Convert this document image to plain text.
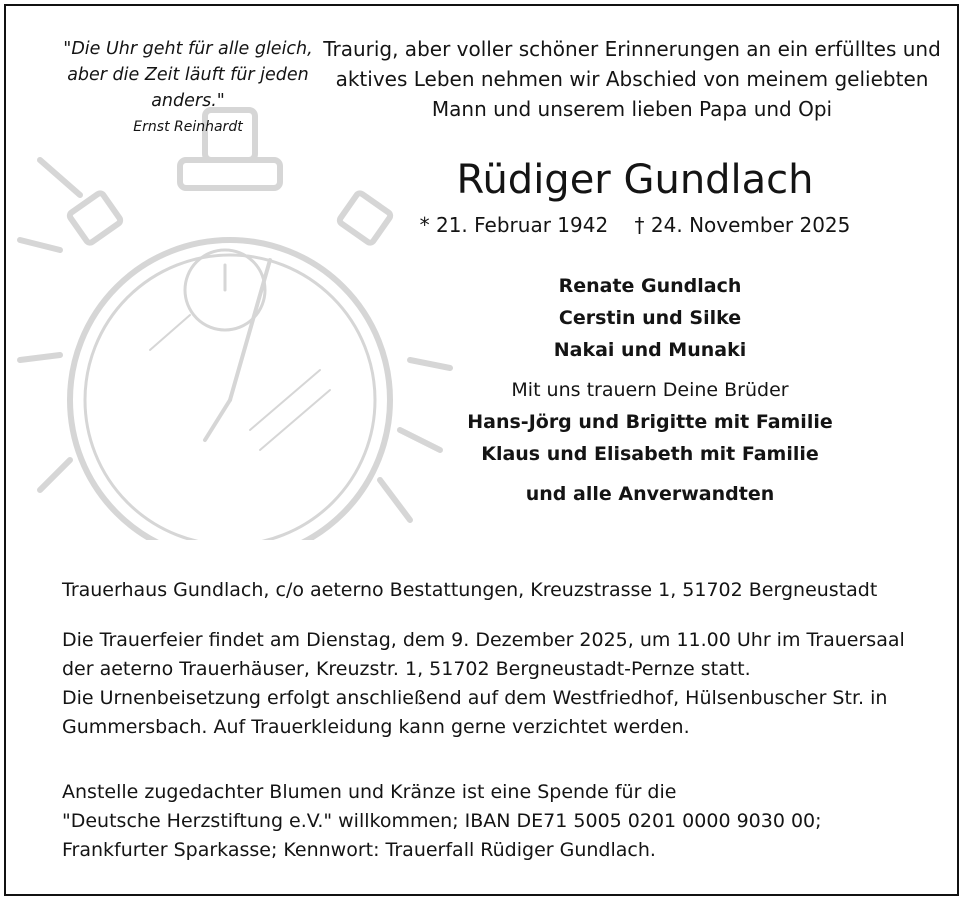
"Die Uhr geht für alle gleich,
aber die Zeit läuft für jeden
anders."
Ernst Reinhardt
Traurig, aber voller schöner Erinnerungen an ein erfülltes und
aktives Leben nehmen wir Abschied von meinem geliebten
Mann und unserem lieben Papa und Opi
Rüdiger Gundlach
* 21. Februar 1942 † 24. November 2025
Renate Gundlach
Cerstin und Silke
Nakai und Munaki
Mit uns trauern Deine Brüder
Hans-Jörg und Brigitte mit Familie
Klaus und Elisabeth mit Familie
und alle Anverwandten
Trauerhaus Gundlach, c/o aeterno Bestattungen, Kreuzstrasse 1, 51702 Bergneustadt
Die Trauerfeier findet am Dienstag, dem 9. Dezember 2025, um 11.00 Uhr im Trauersaal
der aeterno Trauerhäuser, Kreuzstr. 1, 51702 Bergneustadt-Pernze statt.
Die Urnenbeisetzung erfolgt anschließend auf dem Westfriedhof, Hülsenbuscher Str. in
Gummersbach. Auf Trauerkleidung kann gerne verzichtet werden.
Anstelle zugedachter Blumen und Kränze ist eine Spende für die
"Deutsche Herzstiftung e.V." willkommen; IBAN DE71 5005 0201 0000 9030 00;
Frankfurter Sparkasse; Kennwort: Trauerfall Rüdiger Gundlach.
